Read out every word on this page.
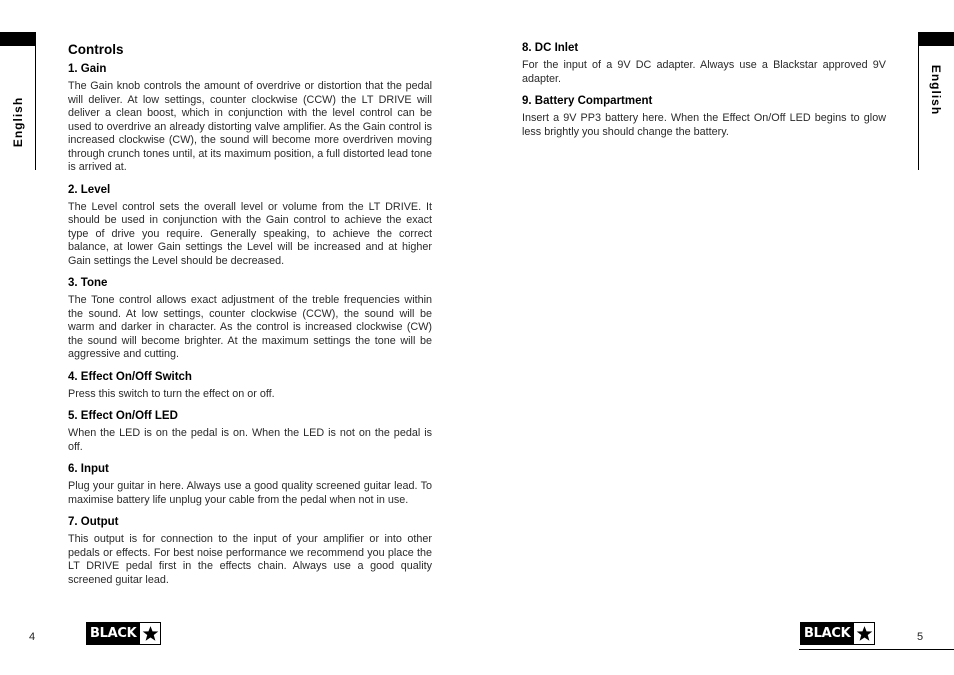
English
English
Controls
1. Gain

The Gain knob controls the amount of overdrive or distortion that the pedal will deliver. At low settings, counter clockwise (CCW) the LT DRIVE will deliver a clean boost, which in conjunction with the level control can be used to overdrive an already distorting valve amplifier. As the Gain control is increased clockwise (CW), the sound will become more overdriven moving through crunch tones until, at its maximum position, a full distorted lead tone is arrived at.

2. Level

The Level control sets the overall level or volume from the LT DRIVE. It should be used in conjunction with the Gain control to achieve the exact type of drive you require. Generally speaking, to achieve the correct balance, at lower Gain settings the Level will be increased and at higher Gain settings the Level should be decreased.

3. Tone

The Tone control allows exact adjustment of the treble frequencies within the sound. At low settings, counter clockwise (CCW), the sound will be warm and darker in character. As the control is increased clockwise (CW) the sound will become brighter. At the maximum settings the tone will be aggressive and cutting.

4. Effect On/Off Switch

Press this switch to turn the effect on or off.

5. Effect On/Off LED

When the LED is on the pedal is on. When the LED is not on the pedal is off.

6. Input

Plug your guitar in here. Always use a good quality screened guitar lead. To maximise battery life unplug your cable from the pedal when not in use.

7. Output

This output is for connection to the input of your amplifier or into other pedals or effects. For best noise performance we recommend you place the LT DRIVE pedal first in the effects chain. Always use a good quality screened guitar lead.

8. DC Inlet

For the input of a 9V DC adapter. Always use a Blackstar approved 9V adapter.

9. Battery Compartment

Insert a 9V PP3 battery here. When the Effect On/Off LED begins to glow less brightly you should change the battery.

4	5
BLACK	BLACK
